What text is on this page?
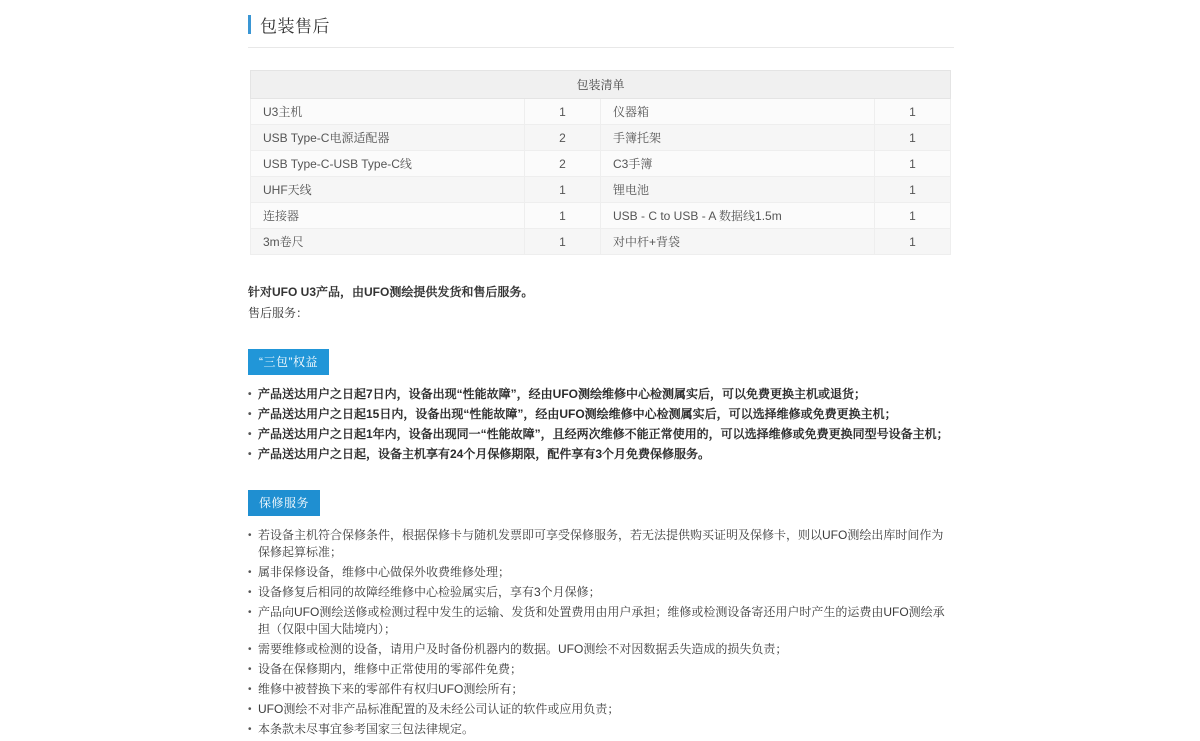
包装售后
包装清单			
U3主机	1	仪器箱	1
USB Type-C电源适配器	2	手簿托架	1
USB Type-C-USB Type-C线	2	C3手簿	1
UHF天线	1	锂电池	1
连接器	1	USB - C to USB - A 数据线1.5m	1
3m卷尺	1	对中杆+背袋	1

针对UFO U3产品，由UFO测绘提供发货和售后服务。

售后服务：

“三包”权益
• 产品送达用户之日起7日内，设备出现“性能故障”，经由UFO测绘维修中心检测属实后，可以免费更换主机或退货；
• 产品送达用户之日起15日内，设备出现“性能故障”，经由UFO测绘维修中心检测属实后，可以选择维修或免费更换主机；
• 产品送达用户之日起1年内，设备出现同一“性能故障”，且经两次维修不能正常使用的，可以选择维修或免费更换同型号设备主机；
• 产品送达用户之日起，设备主机享有24个月保修期限，配件享有3个月免费保修服务。
保修服务
• 若设备主机符合保修条件，根据保修卡与随机发票即可享受保修服务，若无法提供购买证明及保修卡，则以UFO测绘出库时间作为保修起算标准；
• 属非保修设备，维修中心做保外收费维修处理；
• 设备修复后相同的故障经维修中心检验属实后，享有3个月保修；
• 产品向UFO测绘送修或检测过程中发生的运输、发货和处置费用由用户承担；维修或检测设备寄还用户时产生的运费由UFO测绘承担（仅限中国大陆境内）；
• 需要维修或检测的设备，请用户及时备份机器内的数据。UFO测绘不对因数据丢失造成的损失负责；
• 设备在保修期内，维修中正常使用的零部件免费；
• 维修中被替换下来的零部件有权归UFO测绘所有；
• UFO测绘不对非产品标准配置的及未经公司认证的软件或应用负责；
• 本条款未尽事宜参考国家三包法律规定。
